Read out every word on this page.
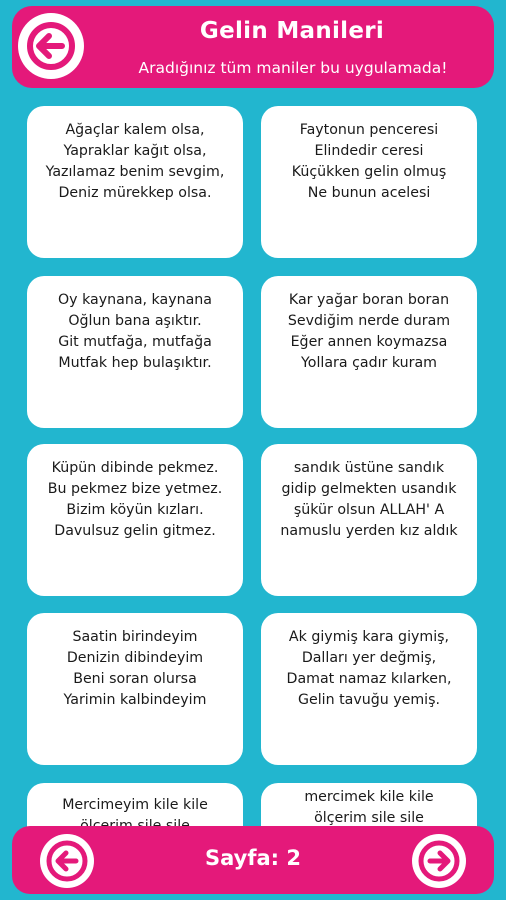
Ağaçlar kalem olsa,
Yapraklar kağıt olsa,
Yazılamaz benim sevgim,
Deniz mürekkep olsa.
Faytonun penceresi
Elindedir ceresi
Küçükken gelin olmuş
Ne bunun acelesi
Oy kaynana, kaynana
Oğlun bana aşıktır.
Git mutfağa, mutfağa
Mutfak hep bulaşıktır.
Kar yağar boran boran
Sevdiğim nerde duram
Eğer annen koymazsa
Yollara çadır kuram
Küpün dibinde pekmez.
Bu pekmez bize yetmez.
Bizim köyün kızları.
Davulsuz gelin gitmez.
sandık üstüne sandık
gidip gelmekten usandık
şükür olsun ALLAH' A
namuslu yerden kız aldık
Saatin birindeyim
Denizin dibindeyim
Beni soran olursa
Yarimin kalbindeyim
Ak giymiş kara giymiş,
Dalları yer değmiş,
Damat namaz kılarken,
Gelin tavuğu yemiş.
Mercimeyim kile kile	mercimek kile kile
ölçerim sile sile
Gelin Manileri
Aradığınız tüm maniler bu uygulamada!
Sayfa: 2
